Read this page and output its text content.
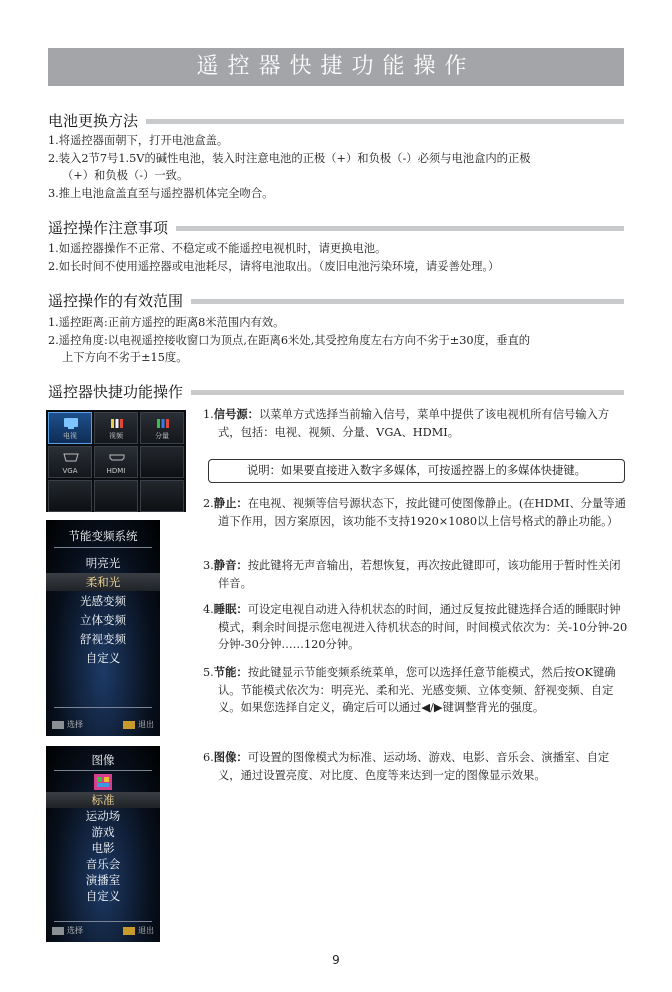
遥控器快捷功能操作
电池更换方法

1.将遥控器面朝下，打开电池盒盖。

2.装入2节7号1.5V的碱性电池，装入时注意电池的正极（+）和负极（-）必须与电池盒内的正极

（+）和负极（-）一致。

3.推上电池盒盖直至与遥控器机体完全吻合。

遥控操作注意事项

1.如遥控器操作不正常、不稳定或不能遥控电视机时，请更换电池。

2.如长时间不使用遥控器或电池耗尽，请将电池取出。（废旧电池污染环境，请妥善处理。）

遥控操作的有效范围

1.遥控距离:正前方遥控的距离8米范围内有效。

2.遥控角度:以电视遥控接收窗口为顶点,在距离6米处,其受控角度左右方向不劣于±30度，垂直的

上下方向不劣于±15度。

遥控器快捷功能操作
电视	视频	分量
VGA	HDMI
节能变频系统
明亮光
柔和光
光感变频
立体变频
舒视变频
自定义
选择	退出
图像
标准
运动场
游戏
电影
音乐会
演播室
自定义
选择	退出
1.信号源：以菜单方式选择当前输入信号，菜单中提供了该电视机所有信号输入方式，包括：电视、视频、分量、VGA、HDMI。
说明：如果要直接进入数字多媒体，可按遥控器上的多媒体快捷键。
2.静止：在电视、视频等信号源状态下，按此键可使图像静止。(在HDMI、分量等通道下作用，因方案原因，该功能不支持1920×1080以上信号格式的静止功能。）
3.静音：按此键将无声音输出，若想恢复，再次按此键即可，该功能用于暂时性关闭伴音。
4.睡眠：可设定电视自动进入待机状态的时间，通过反复按此键选择合适的睡眠时钟模式，剩余时间提示您电视进入待机状态的时间，时间模式依次为：关-10分钟-20分钟-30分钟……120分钟。
5.节能：按此键显示节能变频系统菜单，您可以选择任意节能模式，然后按OK键确认。节能模式依次为：明亮光、柔和光、光感变频、立体变频、舒视变频、自定义。如果您选择自定义，确定后可以通过◀/▶键调整背光的强度。
6.图像：可设置的图像模式为标准、运动场、游戏、电影、音乐会、演播室、自定义，通过设置亮度、对比度、色度等来达到一定的图像显示效果。
9
